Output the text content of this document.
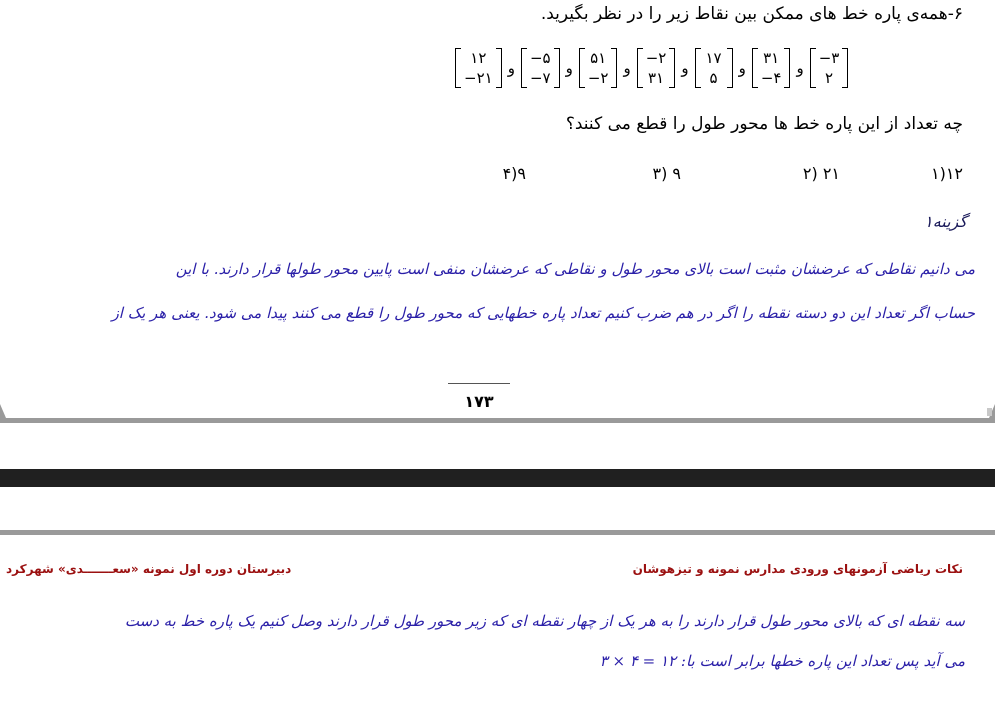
۶-همه‌ی پاره خط های ممکن بین نقاط زیر را در نظر بگیرید.
۱۲
−۲۱
و
−۵
−۷
و
۵۱
−۲
و
−۲
۳۱
و
۱۷
۵
و
۳۱
−۴
و
−۳
۲
چه تعداد از این پاره خط ها محور طول را قطع می کنند؟
۱۲(۱
۲۱ (۲
۹ (۳
۹(۴
گزینه۱
می دانیم نقاطی که عرضشان مثبت است بالای محور طول و نقاطی که عرضشان منفی است پایین محور طولها قرار دارند. با این
حساب اگر تعداد این دو دسته نقطه را اگر در هم ضرب کنیم تعداد پاره خطهایی که محور طول را قطع می کنند پیدا می شود. یعنی هر یک از
۱۷۳
نکات ریاضی آزمونهای ورودی مدارس نمونه و تیزهوشان
دبیرستان دوره اول نمونه «سعـــــــدی» شهرکرد
سه نقطه ای که بالای محور طول قرار دارند را به هر یک از چهار نقطه ای که زیر محور طول قرار دارند وصل کنیم یک پاره خط به دست
می آید پس تعداد این پاره خطها برابر است با: ۱۲ = ۴ × ۳
